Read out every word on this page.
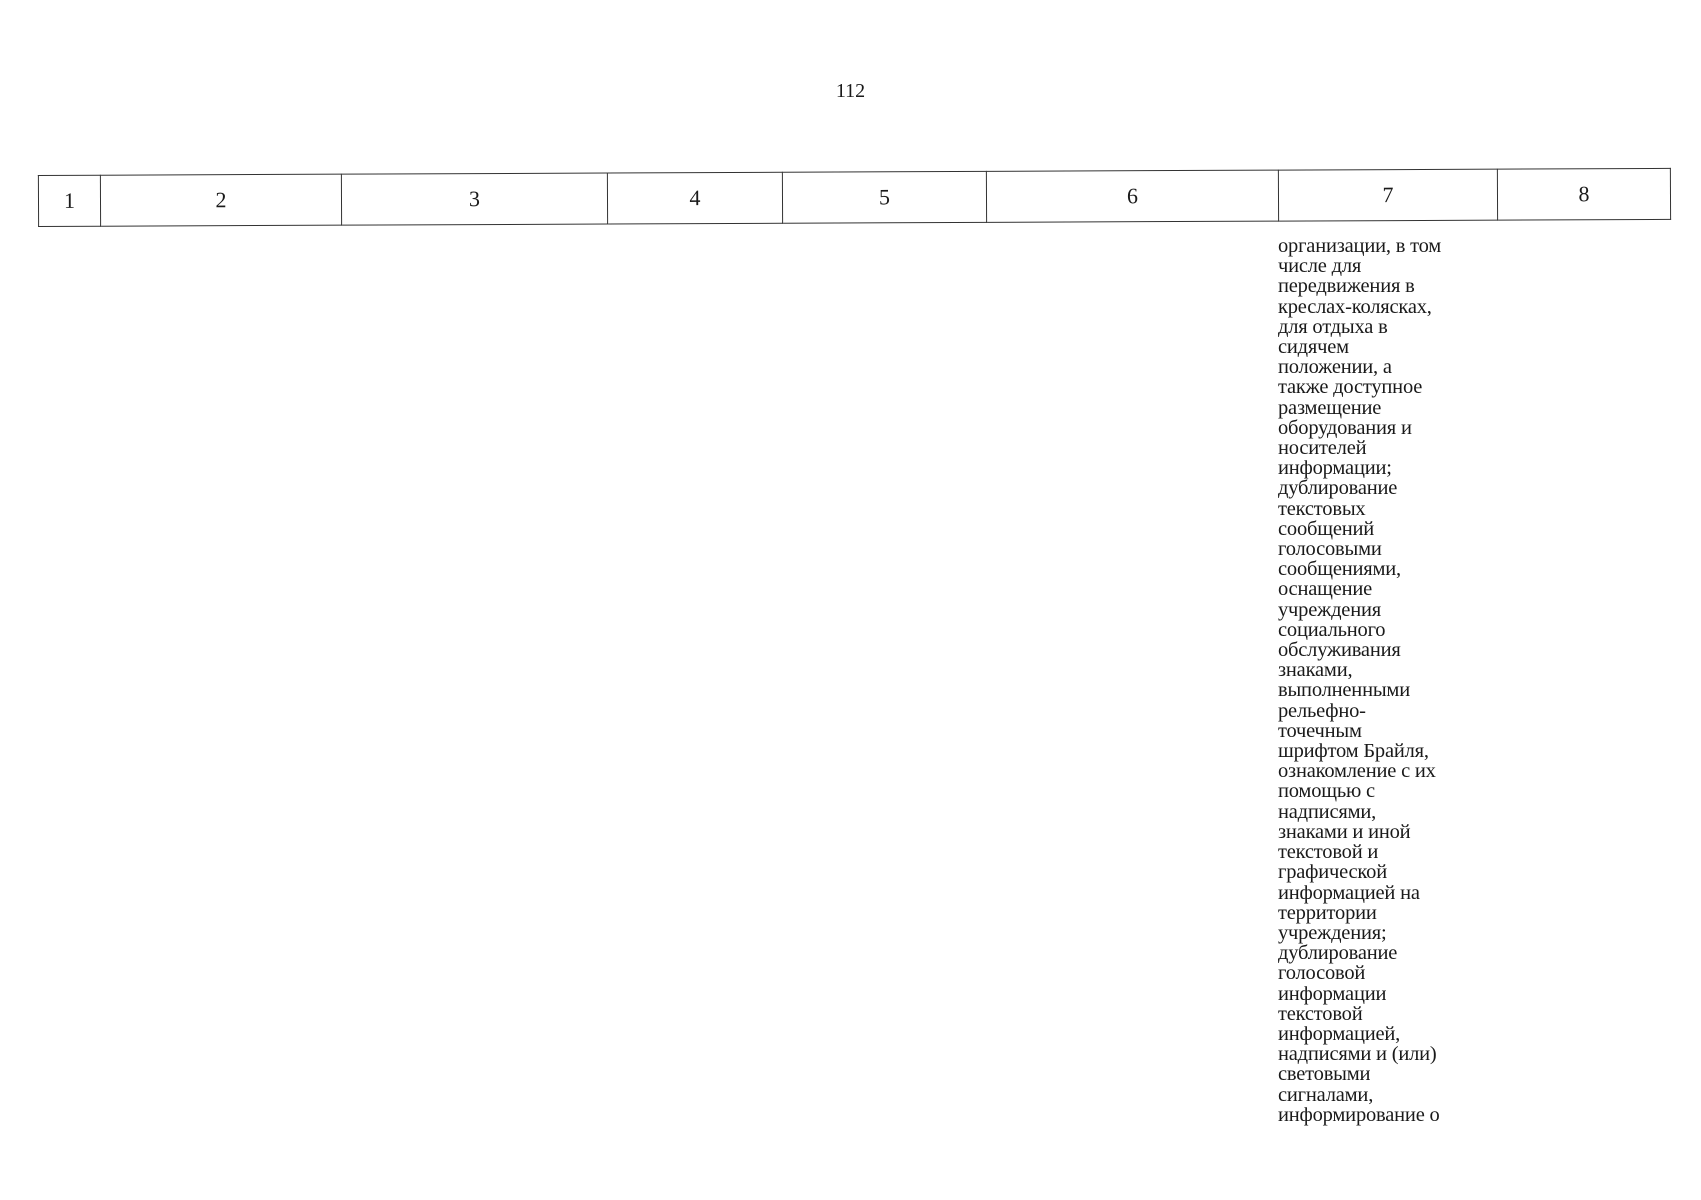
112
1	2	3	4	5	6	7	8
организации, в том
числе для
передвижения в
креслах-колясках,
для отдыха в
сидячем
положении, а
также доступное
размещение
оборудования и
носителей
информации;
дублирование
текстовых
сообщений
голосовыми
сообщениями,
оснащение
учреждения
социального
обслуживания
знаками,
выполненными
рельефно-
точечным
шрифтом Брайля,
ознакомление с их
помощью с
надписями,
знаками и иной
текстовой и
графической
информацией на
территории
учреждения;
дублирование
голосовой
информации
текстовой
информацией,
надписями и (или)
световыми
сигналами,
информирование о
